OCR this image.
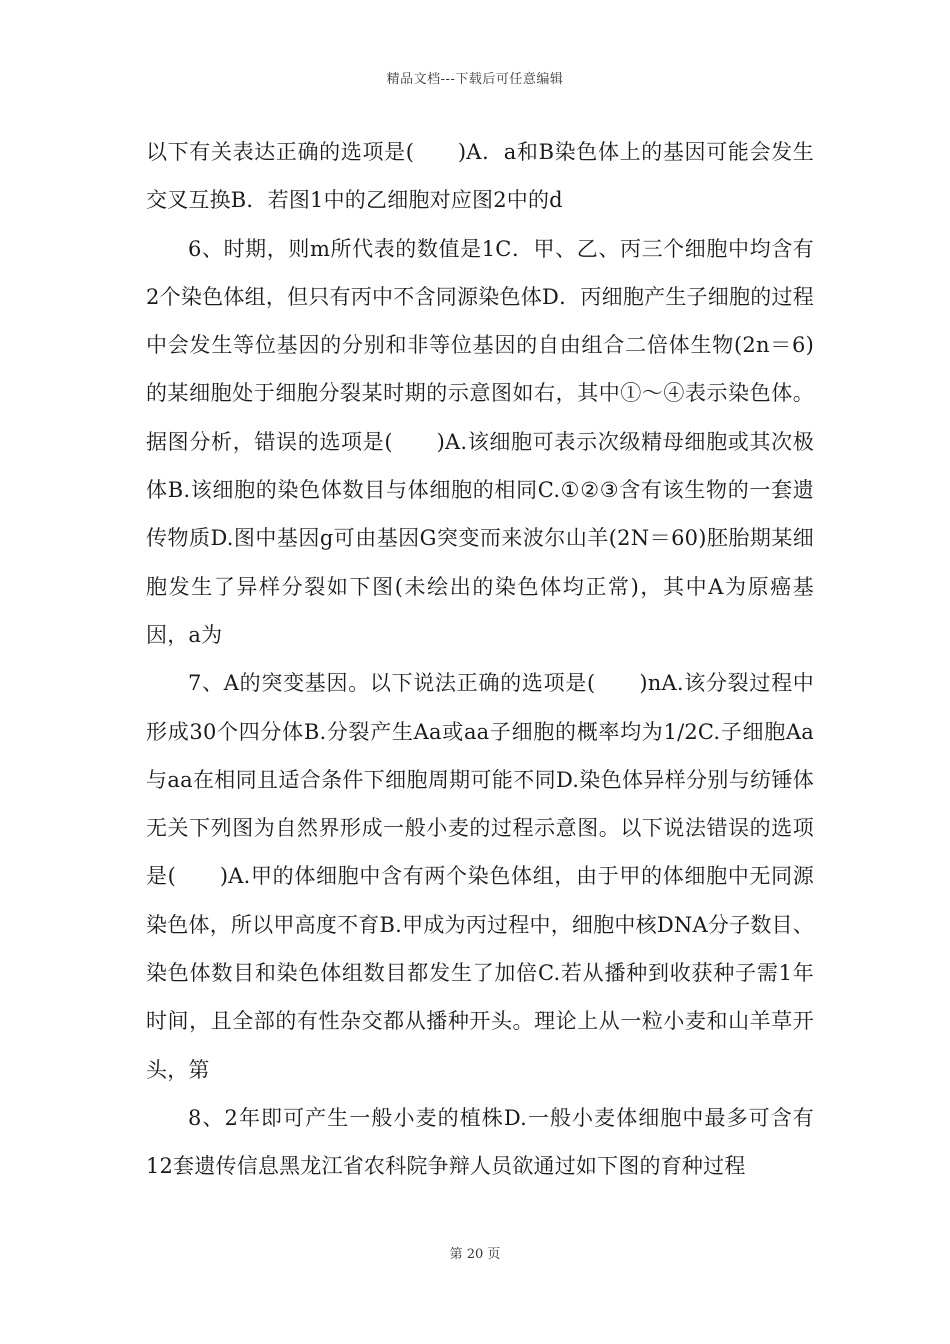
精品文档---下载后可任意编辑

以下有关表达正确的选项是(　　)A．a和B染色体上的基因可能会发生交叉互换B．若图1中的乙细胞对应图2中的d

6、时期，则m所代表的数值是1C．甲、乙、丙三个细胞中均含有2个染色体组，但只有丙中不含同源染色体D．丙细胞产生子细胞的过程中会发生等位基因的分别和非等位基因的自由组合二倍体生物(2n＝6)的某细胞处于细胞分裂某时期的示意图如右，其中①～④表示染色体。据图分析，错误的选项是(　　)A.该细胞可表示次级精母细胞或其次极体B.该细胞的染色体数目与体细胞的相同C.①②③含有该生物的一套遗传物质D.图中基因g可由基因G突变而来波尔山羊(2N＝60)胚胎期某细胞发生了异样分裂如下图(未绘出的染色体均正常)，其中A为原癌基因，a为

7、A的突变基因。以下说法正确的选项是(　　)nA.该分裂过程中形成30个四分体B.分裂产生Aa或aa子细胞的概率均为1/2C.子细胞Aa与aa在相同且适合条件下细胞周期可能不同D.染色体异样分别与纺锤体无关下列图为自然界形成一般小麦的过程示意图。以下说法错误的选项是(　　)A.甲的体细胞中含有两个染色体组，由于甲的体细胞中无同源染色体，所以甲高度不育B.甲成为丙过程中，细胞中核DNA分子数目、染色体数目和染色体组数目都发生了加倍C.若从播种到收获种子需1年时间，且全部的有性杂交都从播种开头。理论上从一粒小麦和山羊草开头，第

8、2年即可产生一般小麦的植株D.一般小麦体细胞中最多可含有12套遗传信息黑龙江省农科院争辩人员欲通过如下图的育种过程

第 20 页
